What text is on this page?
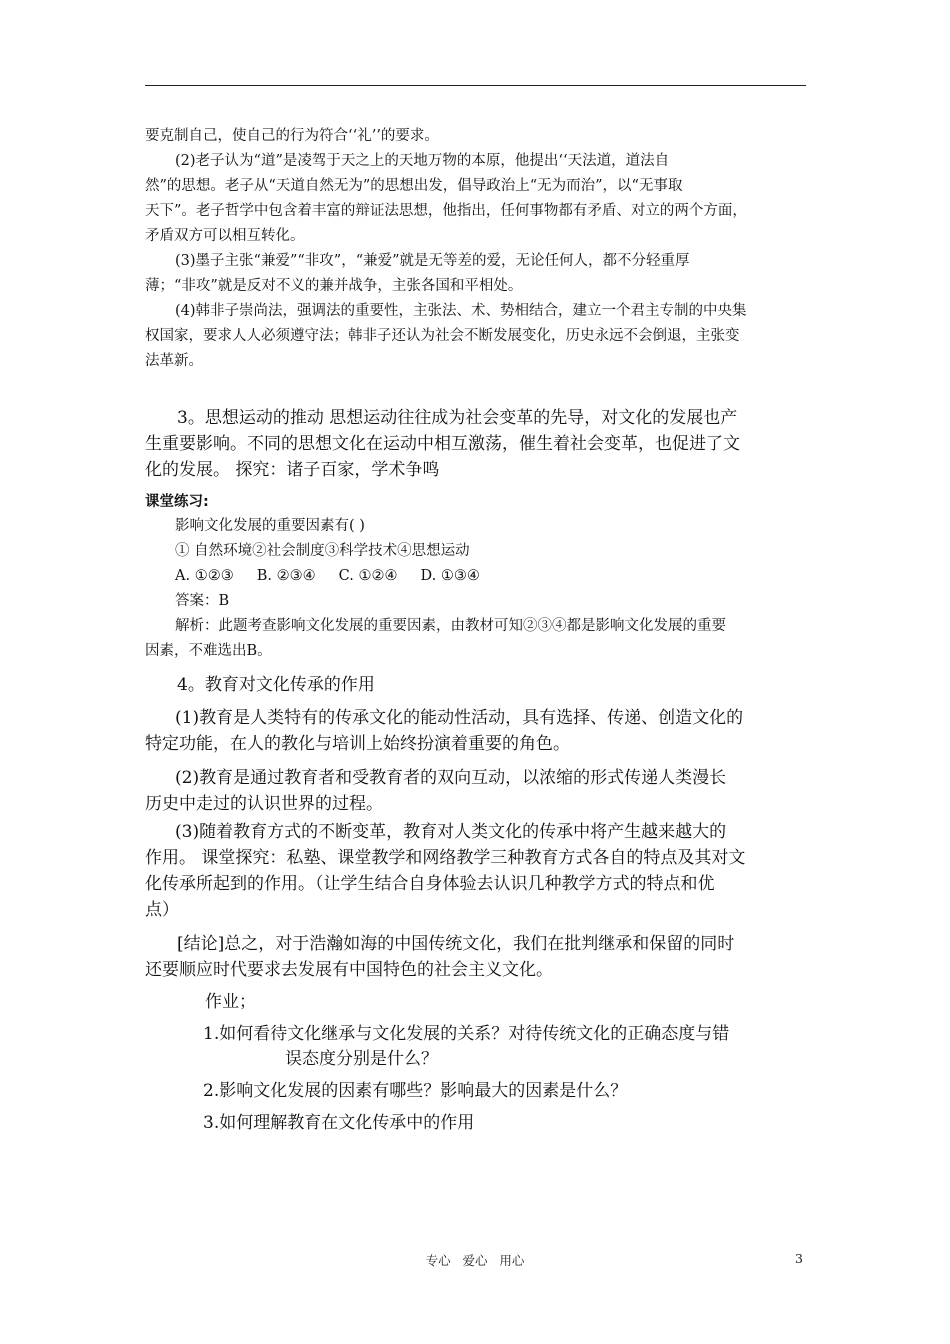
要克制自己，使自己的行为符合‘‘礼’’的要求。

(2)老子认为“道”是凌驾于天之上的天地万物的本原，他提出‘‘天法道，道法自

然”的思想。老子从“天道自然无为”的思想出发，倡导政治上“无为而治”，以“无事取

天下”。老子哲学中包含着丰富的辩证法思想，他指出，任何事物都有矛盾、对立的两个方面，

矛盾双方可以相互转化。

(3)墨子主张“兼爱”“非攻”，“兼爱”就是无等差的爱，无论任何人，都不分轻重厚

薄；“非攻”就是反对不义的兼并战争，主张各国和平相处。

(4)韩非子崇尚法，强调法的重要性，主张法、术、势相结合，建立一个君主专制的中央集

权国家，要求人人必须遵守法；韩非子还认为社会不断发展变化，历史永远不会倒退，主张变

法革新。

3。思想运动的推动 思想运动往往成为社会变革的先导，对文化的发展也产

生重要影响。不同的思想文化在运动中相互激荡，催生着社会变革，也促进了文

化的发展。 探究：诸子百家，学术争鸣

课堂练习:

影响文化发展的重要因素有( )

① 自然环境②社会制度③科学技术④思想运动

A. ①②③     B. ②③④     C. ①②④     D. ①③④

答案：B

解析：此题考查影响文化发展的重要因素，由教材可知②③④都是影响文化发展的重要

因素，不难选出B。

4。教育对文化传承的作用

(1)教育是人类特有的传承文化的能动性活动，具有选择、传递、创造文化的

特定功能，在人的教化与培训上始终扮演着重要的角色。

(2)教育是通过教育者和受教育者的双向互动，以浓缩的形式传递人类漫长

历史中走过的认识世界的过程。

(3)随着教育方式的不断变革，教育对人类文化的传承中将产生越来越大的

作用。 课堂探究：私塾、课堂教学和网络教学三种教育方式各自的特点及其对文

化传承所起到的作用。（让学生结合自身体验去认识几种教学方式的特点和优

点）

[结论]总之，对于浩瀚如海的中国传统文化，我们在批判继承和保留的同时

还要顺应时代要求去发展有中国特色的社会主义文化。

作业；

1.如何看待文化继承与文化发展的关系？对待传统文化的正确态度与错

误态度分别是什么？

2.影响文化发展的因素有哪些？影响最大的因素是什么？

3.如何理解教育在文化传承中的作用

专心   爱心   用心	3
